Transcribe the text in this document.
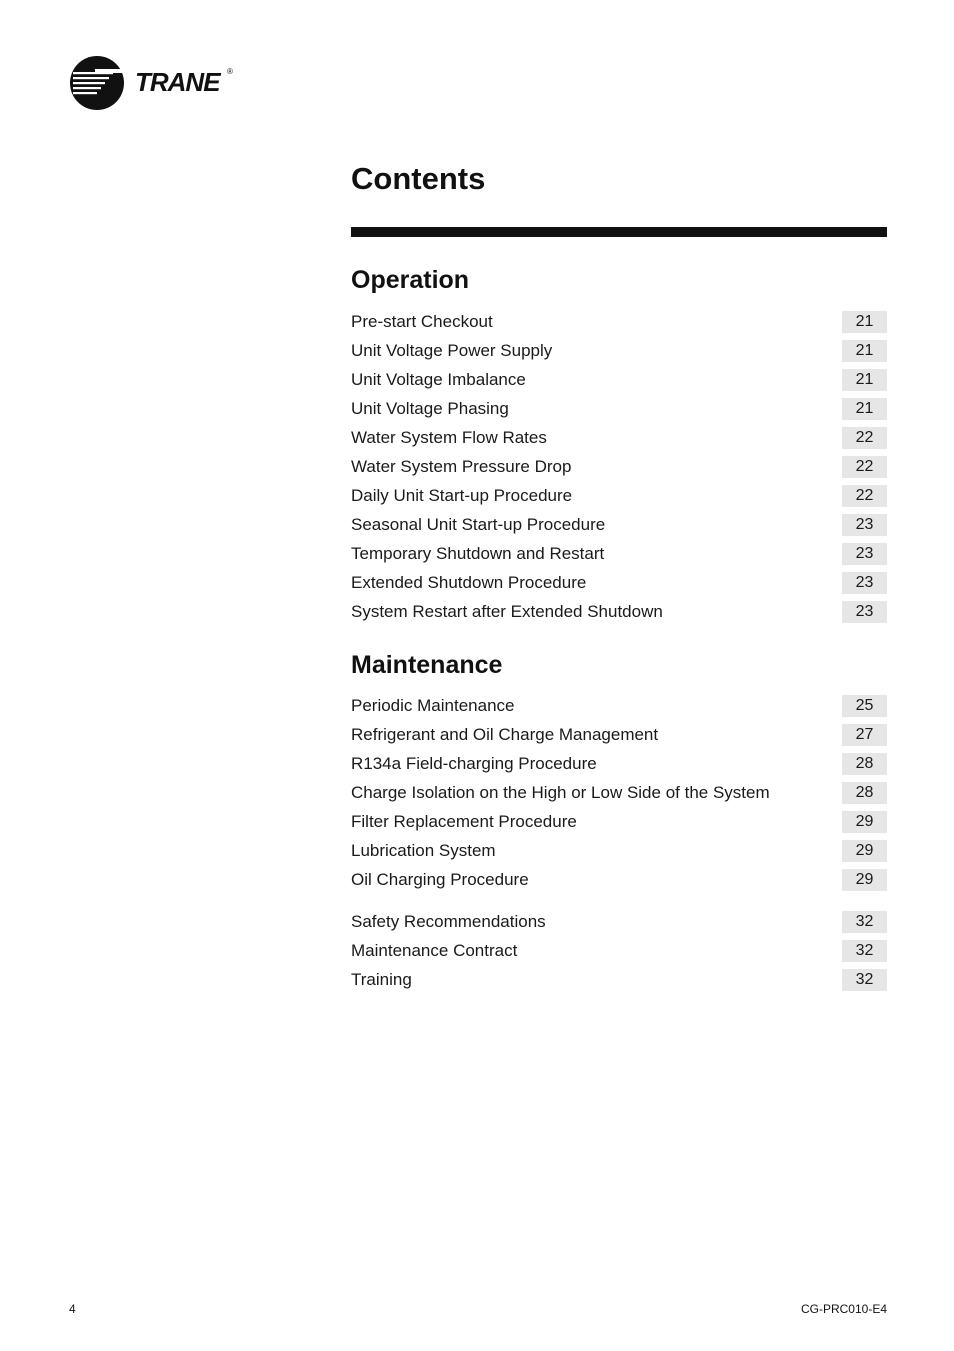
TRANE ®
Contents
Operation
Pre-start Checkout	21
Unit Voltage Power Supply	21
Unit Voltage Imbalance	21
Unit Voltage Phasing	21
Water System Flow Rates	22
Water System Pressure Drop	22
Daily Unit Start-up Procedure	22
Seasonal Unit Start-up Procedure	23
Temporary Shutdown and Restart	23
Extended Shutdown Procedure	23
System Restart after Extended Shutdown	23
Maintenance
Periodic Maintenance	25
Refrigerant and Oil Charge Management	27
R134a Field-charging Procedure	28
Charge Isolation on the High or Low Side of the System	28
Filter Replacement Procedure	29
Lubrication System	29
Oil Charging Procedure	29
Safety Recommendations	32
Maintenance Contract	32
Training	32
4	CG-PRC010-E4
